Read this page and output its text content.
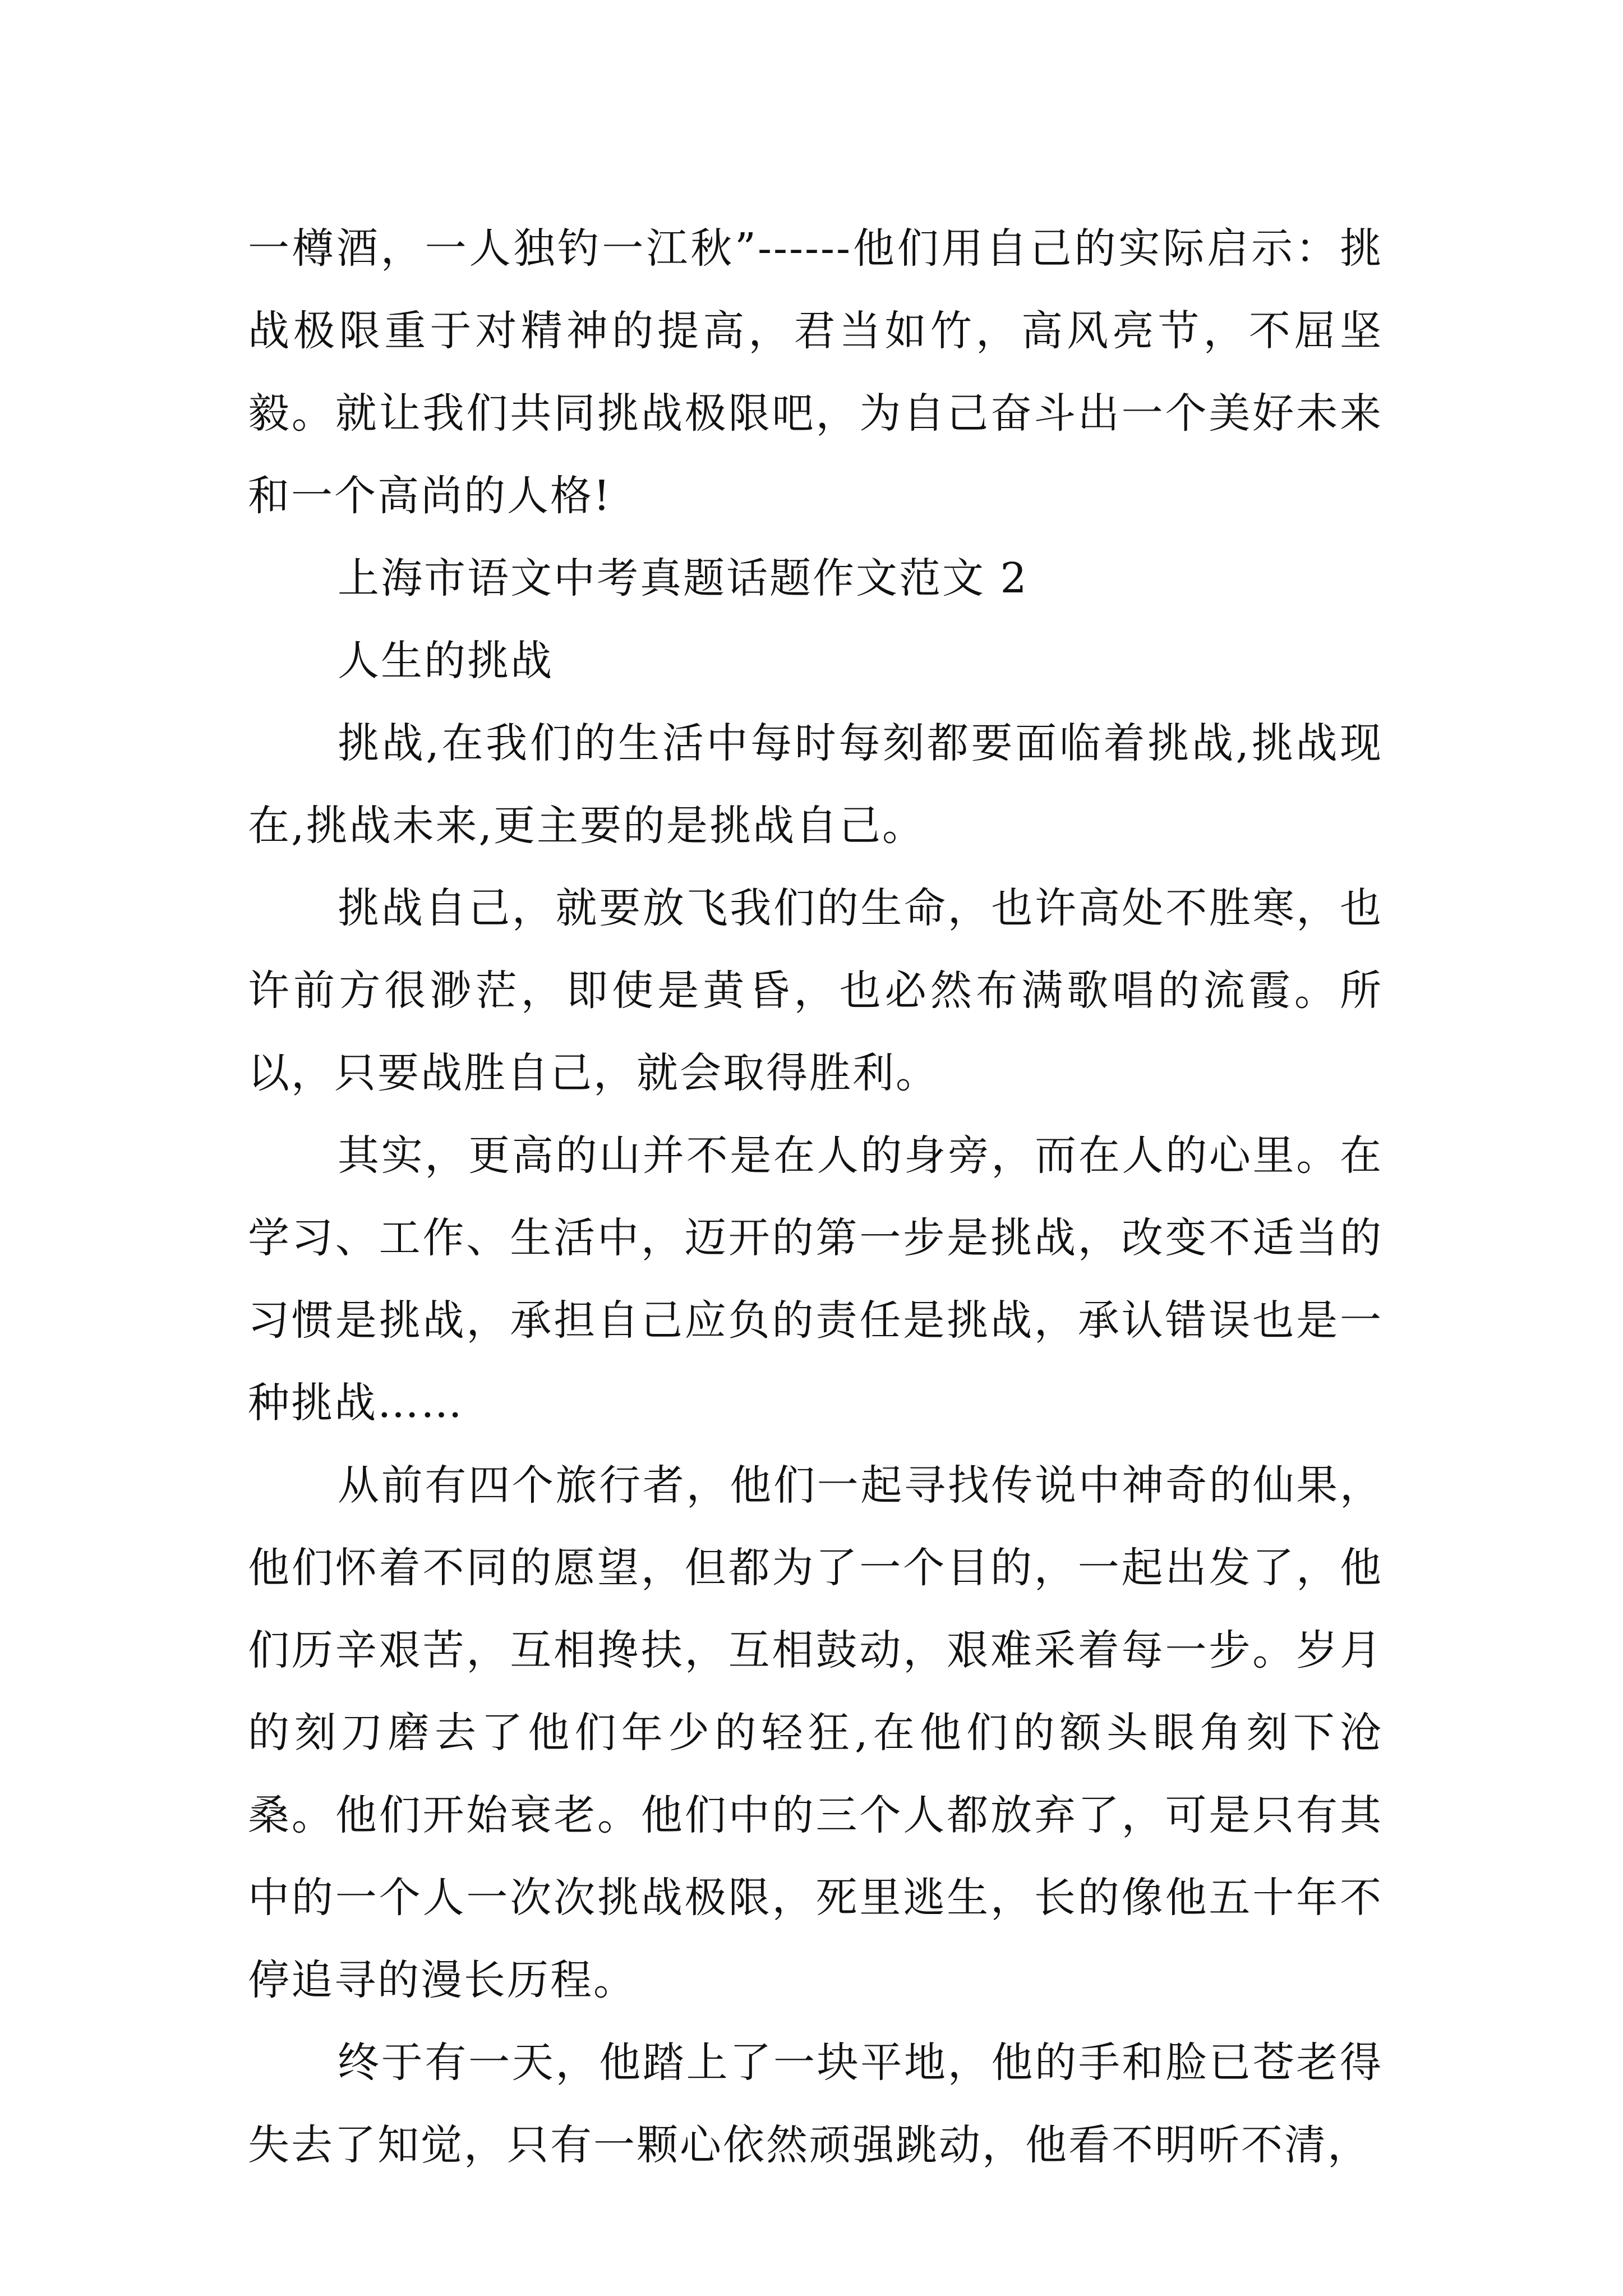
一樽酒，一人独钓一江秋”------他们用自己的实际启示：挑战极限重于对精神的提高，君当如竹，高风亮节，不屈坚毅。就让我们共同挑战极限吧，为自己奋斗出一个美好未来和一个高尚的人格!

上海市语文中考真题话题作文范文 2

人生的挑战

挑战,在我们的生活中每时每刻都要面临着挑战,挑战现在,挑战未来,更主要的是挑战自己。

挑战自己，就要放飞我们的生命，也许高处不胜寒，也许前方很渺茫，即使是黄昏，也必然布满歌唱的流霞。所以，只要战胜自己，就会取得胜利。

其实，更高的山并不是在人的身旁，而在人的心里。在学习、工作、生活中，迈开的第一步是挑战，改变不适当的习惯是挑战，承担自己应负的责任是挑战，承认错误也是一种挑战……

从前有四个旅行者，他们一起寻找传说中神奇的仙果，他们怀着不同的愿望，但都为了一个目的，一起出发了，他们历辛艰苦，互相搀扶，互相鼓动，艰难采着每一步。岁月的刻刀磨去了他们年少的轻狂,在他们的额头眼角刻下沧桑。他们开始衰老。他们中的三个人都放弃了，可是只有其中的一个人一次次挑战极限，死里逃生，长的像他五十年不停追寻的漫长历程。

终于有一天，他踏上了一块平地，他的手和脸已苍老得失去了知觉，只有一颗心依然顽强跳动，他看不明听不清，
